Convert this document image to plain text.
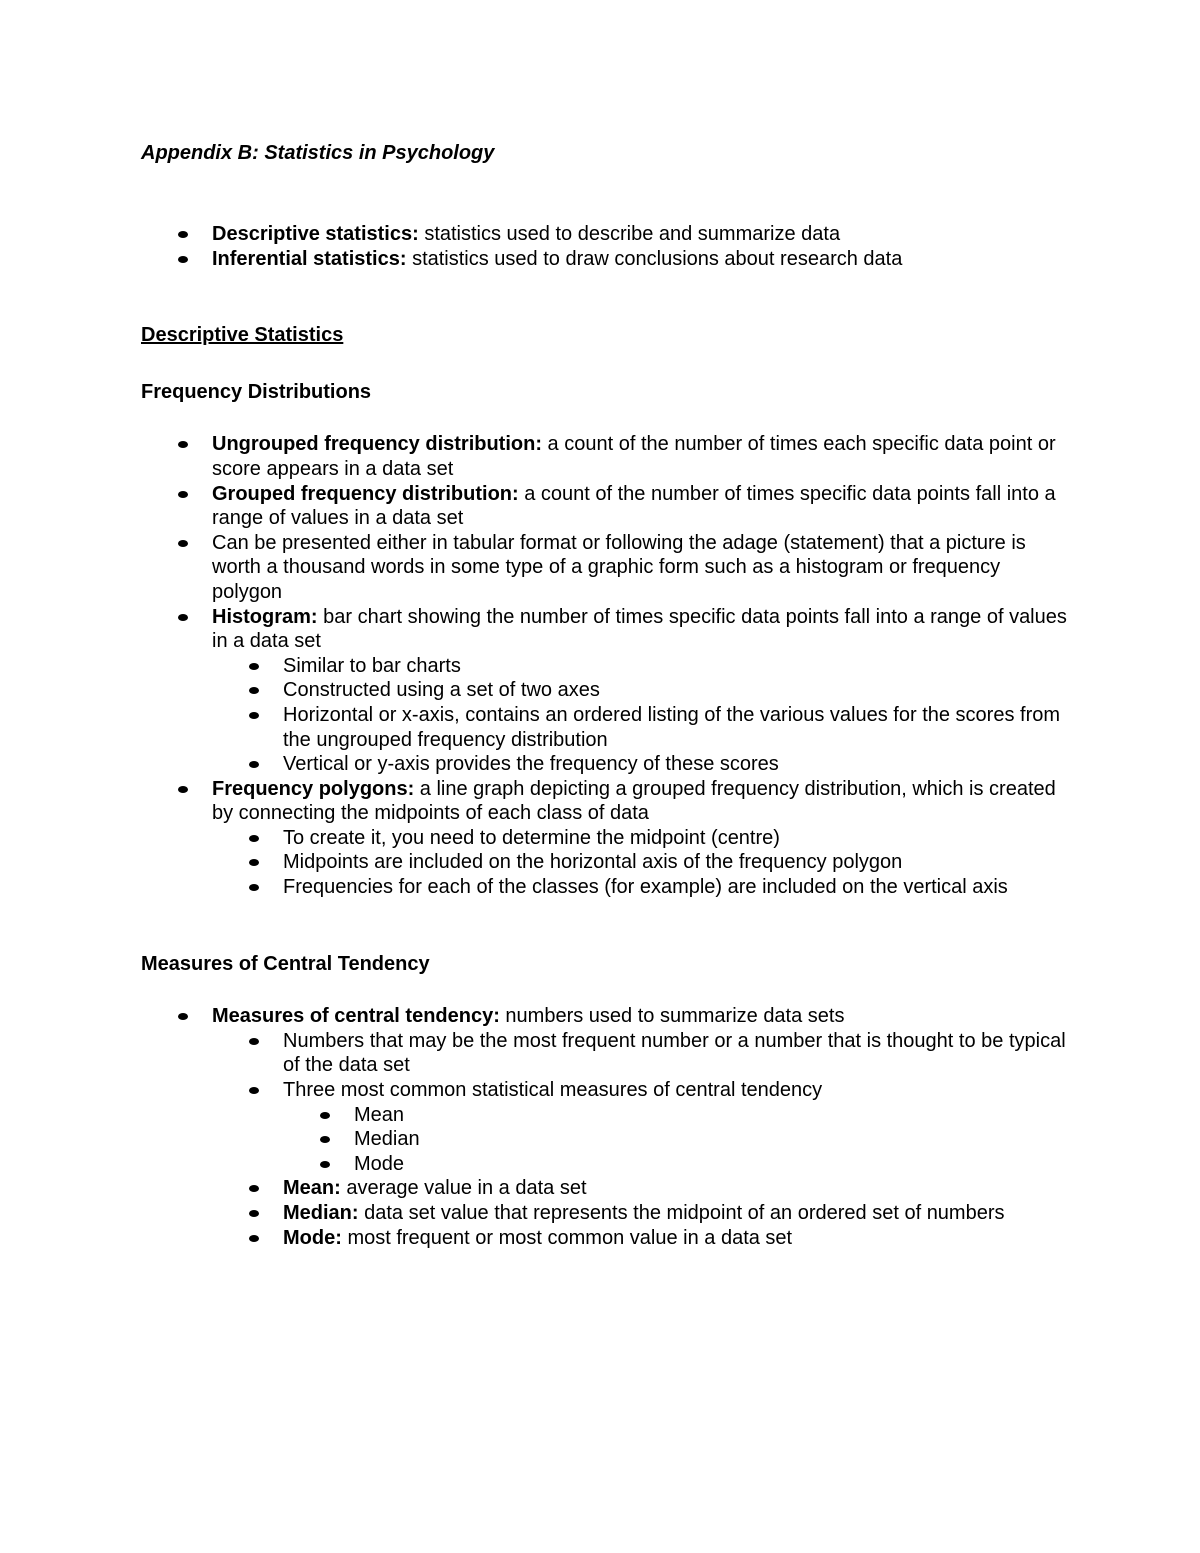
Appendix B: Statistics in Psychology

Descriptive statistics: statistics used to describe and summarize data
Inferential statistics: statistics used to draw conclusions about research data

Descriptive Statistics

Frequency Distributions

Ungrouped frequency distribution: a count of the number of times each specific data point or score appears in a data set
Grouped frequency distribution: a count of the number of times specific data points fall into a range of values in a data set
Can be presented either in tabular format or following the adage (statement) that a picture is worth a thousand words in some type of a graphic form such as a histogram or frequency polygon
Histogram: bar chart showing the number of times specific data points fall into a range of values in a data set
Similar to bar charts
Constructed using a set of two axes
Horizontal or x-axis, contains an ordered listing of the various values for the scores from the ungrouped frequency distribution
Vertical or y-axis provides the frequency of these scores
Frequency polygons: a line graph depicting a grouped frequency distribution, which is created by connecting the midpoints of each class of data
To create it, you need to determine the midpoint (centre)
Midpoints are included on the horizontal axis of the frequency polygon
Frequencies for each of the classes (for example) are included on the vertical axis

Measures of Central Tendency

Measures of central tendency: numbers used to summarize data sets
Numbers that may be the most frequent number or a number that is thought to be typical of the data set
Three most common statistical measures of central tendency
Mean
Median
Mode
Mean: average value in a data set
Median: data set value that represents the midpoint of an ordered set of numbers
Mode: most frequent or most common value in a data set
